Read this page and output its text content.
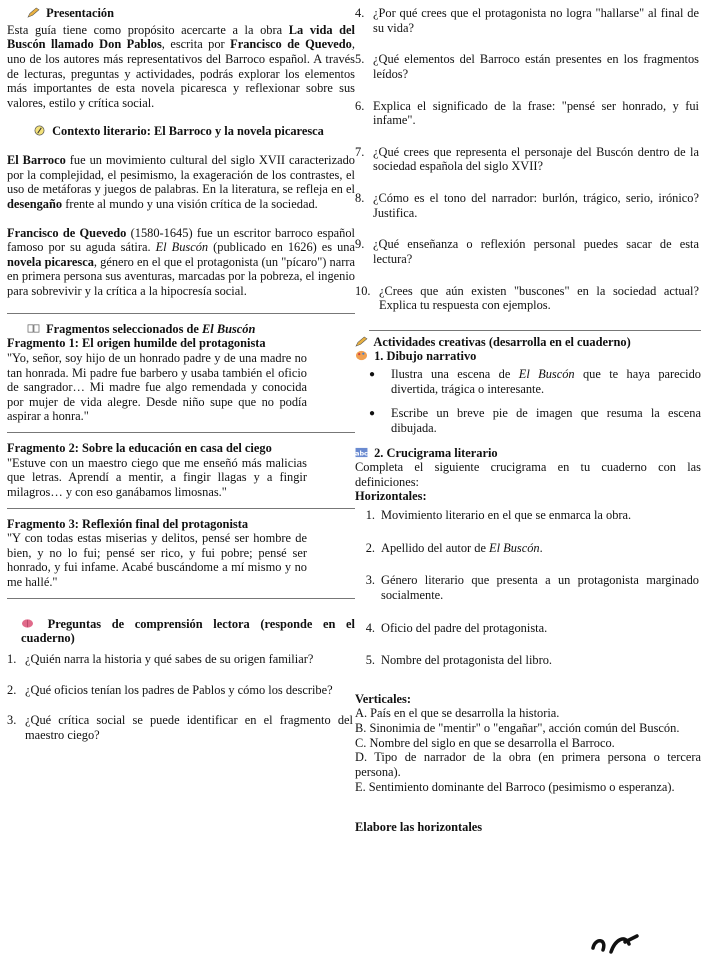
Presentación

Esta guía tiene como propósito acercarte a la obra La vida del Buscón llamado Don Pablos, escrita por Francisco de Quevedo, uno de los autores más representativos del Barroco español. A través de lecturas, preguntas y actividades, podrás explorar los elementos más importantes de esta novela picaresca y reflexionar sobre sus valores, estilo y crítica social.

Contexto literario: El Barroco y la novela picaresca

El Barroco fue un movimiento cultural del siglo XVII caracterizado por la complejidad, el pesimismo, la exageración de los contrastes, el uso de metáforas y juegos de palabras. En la literatura, se refleja en el desengaño frente al mundo y una visión crítica de la sociedad.

Francisco de Quevedo (1580-1645) fue un escritor barroco español famoso por su aguda sátira. El Buscón (publicado en 1626) es una novela picaresca, género en el que el protagonista (un "pícaro") narra en primera persona sus aventuras, marcadas por la pobreza, el ingenio para sobrevivir y la crítica a la hipocresía social.

Fragmentos seleccionados de El Buscón

Fragmento 1: El origen humilde del protagonista

"Yo, señor, soy hijo de un honrado padre y de una madre no tan honrada. Mi padre fue barbero y usaba también el oficio de sangrador… Mi madre fue algo remendada y conocida por mujer de vida alegre. Desde niño supe que no podía aspirar a honra."

Fragmento 2: Sobre la educación en casa del ciego

"Estuve con un maestro ciego que me enseñó más malicias que letras. Aprendí a mentir, a fingir llagas y a fingir milagros… y con eso ganábamos limosnas."

Fragmento 3: Reflexión final del protagonista

"Y con todas estas miserias y delitos, pensé ser hombre de bien, y no lo fui; pensé ser rico, y fui pobre; pensé ser honrado, y fui infame. Acabé buscándome a mí mismo y no me hallé."

Preguntas de comprensión lectora (responde en el cuaderno)

1. ¿Quién narra la historia y qué sabes de su origen familiar?
2. ¿Qué oficios tenían los padres de Pablos y cómo los describe?
3. ¿Qué crítica social se puede identificar en el fragmento del maestro ciego?
4. ¿Por qué crees que el protagonista no logra "hallarse" al final de su vida?
5. ¿Qué elementos del Barroco están presentes en los fragmentos leídos?
6. Explica el significado de la frase: "pensé ser honrado, y fui infame".
7. ¿Qué crees que representa el personaje del Buscón dentro de la sociedad española del siglo XVII?
8. ¿Cómo es el tono del narrador: burlón, trágico, serio, irónico? Justifica.
9. ¿Qué enseñanza o reflexión personal puedes sacar de esta lectura?
10. ¿Crees que aún existen "buscones" en la sociedad actual? Explica tu respuesta con ejemplos.

Actividades creativas (desarrolla en el cuaderno)

1. Dibujo narrativo

●	Ilustra una escena de El Buscón que te haya parecido divertida, trágica o interesante.
●	Escribe un breve pie de imagen que resuma la escena dibujada.

abc 2. Crucigrama literario

Completa el siguiente crucigrama en tu cuaderno con las definiciones:

Horizontales:

1. Movimiento literario en el que se enmarca la obra.
2. Apellido del autor de El Buscón.
3. Género literario que presenta a un protagonista marginado socialmente.
4. Oficio del padre del protagonista.
5. Nombre del protagonista del libro.

Verticales:

A. País en el que se desarrolla la historia.

B. Sinonimia de "mentir" o "engañar", acción común del Buscón.

C. Nombre del siglo en que se desarrolla el Barroco.

D. Tipo de narrador de la obra (en primera persona o tercera persona).

E. Sentimiento dominante del Barroco (pesimismo o esperanza).

Elabore las horizontales
